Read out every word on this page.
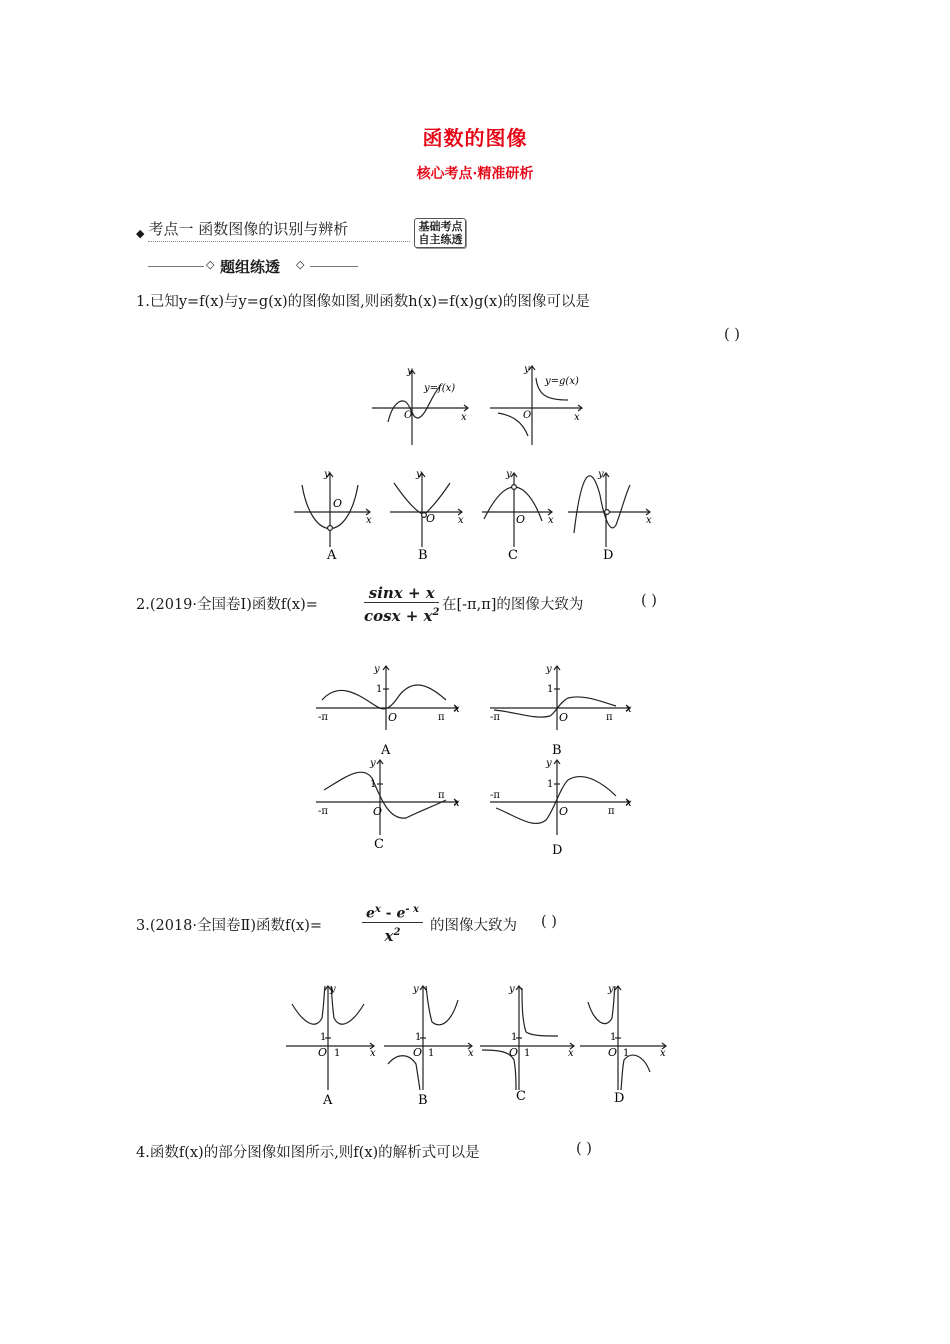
函数的图像
核心考点·精准研析
◆ 考点一 函数图像的识别与辨析	基础考点
自主练透
◇ 题组练透 ◇
1.已知y=f(x)与y=g(x)的图像如图,则函数h(x)=f(x)g(x)的图像可以是
( )
y
O	x
y=f(x)
y
O	x
y=g(x)
O
x
y
O x
y
O x
y
x
y
A	B	C	D
2.(2019·全国卷Ⅰ)函数f(x)=	$\frac{\sin x + x}{\cos x + x^2}$ 在[-π,π]的图像大致为	( )
y
1
O
-π	π
x
C
A
y
1
O
-π	π
x
B
y
1
O
-π
π
x
y
1
O
-π
π
x
D
3.(2018·全国卷Ⅱ)函数f(x)=	$\frac{e^x - e^{- x}}{x^2}$ 的图像大致为 ( )
y
1
O 1	x
A
y
1
O 1	x
B
y
1
O 1	x
C
y
1
O 1	x
D
4.函数f(x)的部分图像如图所示,则f(x)的解析式可以是	( )
